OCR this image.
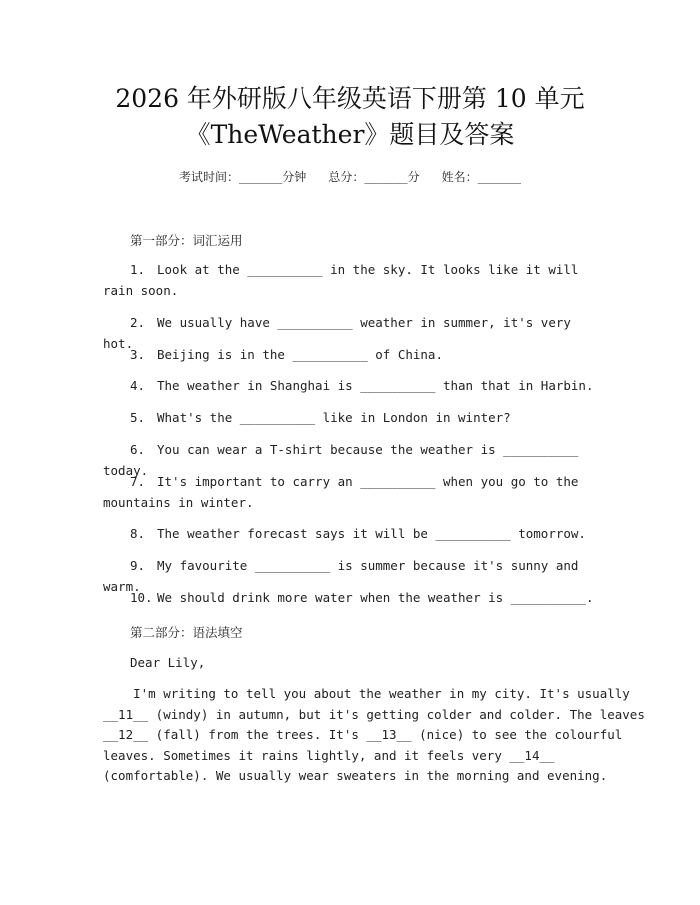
2026 年外研版八年级英语下册第 10 单元
《TheWeather》题目及答案
考试时间：______分钟 总分：______分 姓名：______
第一部分：词汇运用
1. Look at the __________ in the sky. It looks like it will rain soon.
2. We usually have __________ weather in summer, it's very hot.
3. Beijing is in the __________ of China.
4. The weather in Shanghai is __________ than that in Harbin.
5. What's the __________ like in London in winter?
6. You can wear a T-shirt because the weather is __________ today.
7. It's important to carry an __________ when you go to the mountains in winter.
8. The weather forecast says it will be __________ tomorrow.
9. My favourite __________ is summer because it's sunny and warm.
10. We should drink more water when the weather is __________.
第二部分：语法填空
Dear Lily,
I'm writing to tell you about the weather in my city. It's usually
__11__ (windy) in autumn, but it's getting colder and colder. The leaves
__12__ (fall) from the trees. It's __13__ (nice) to see the colourful
leaves. Sometimes it rains lightly, and it feels very __14__
(comfortable). We usually wear sweaters in the morning and evening.
